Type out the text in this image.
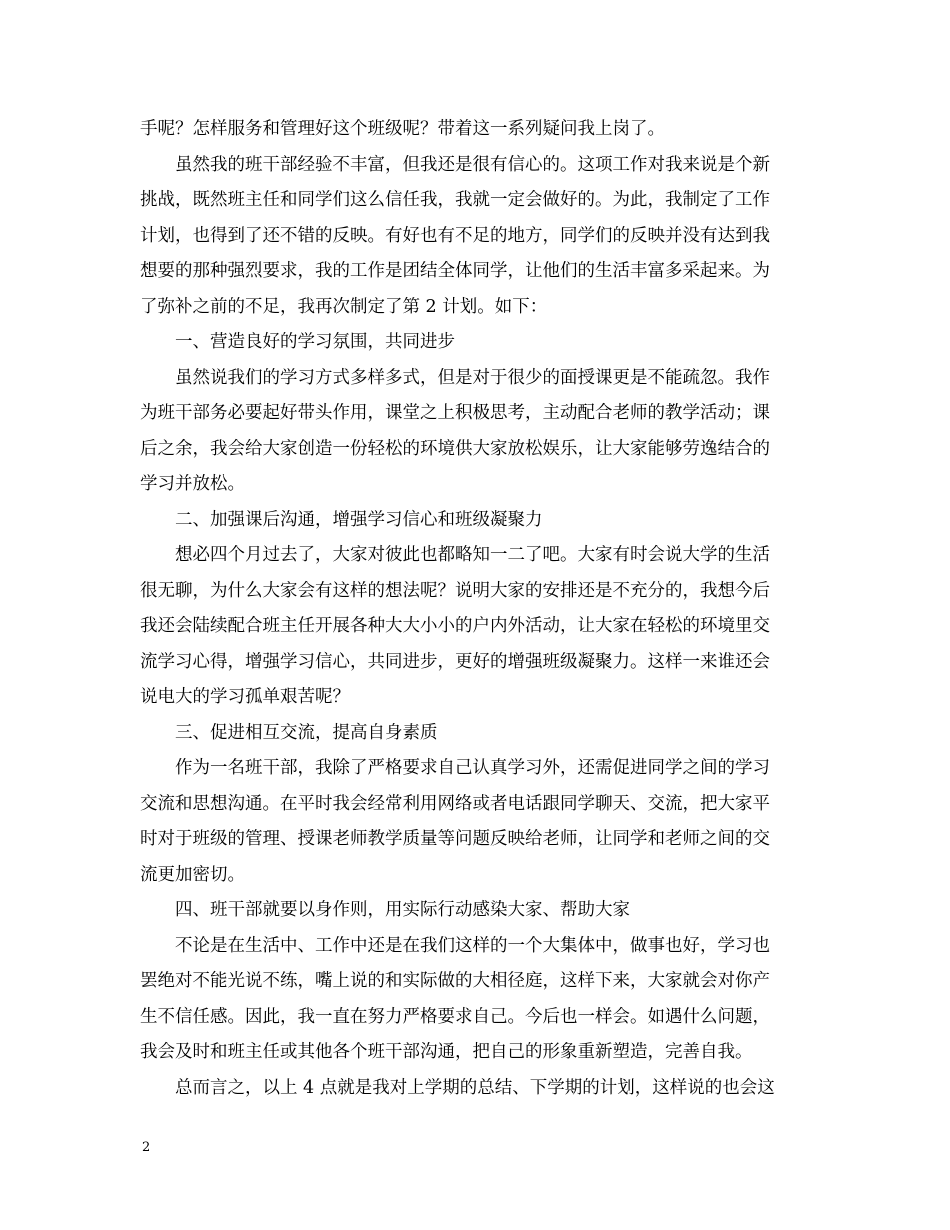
手呢？怎样服务和管理好这个班级呢？带着这一系列疑问我上岗了。
虽然我的班干部经验不丰富，但我还是很有信心的。这项工作对我来说是个新
挑战，既然班主任和同学们这么信任我，我就一定会做好的。为此，我制定了工作
计划，也得到了还不错的反映。有好也有不足的地方，同学们的反映并没有达到我
想要的那种强烈要求，我的工作是团结全体同学，让他们的生活丰富多采起来。为
了弥补之前的不足，我再次制定了第 2 计划。如下：
一、营造良好的学习氛围，共同进步
虽然说我们的学习方式多样多式，但是对于很少的面授课更是不能疏忽。我作
为班干部务必要起好带头作用，课堂之上积极思考，主动配合老师的教学活动；课
后之余，我会给大家创造一份轻松的环境供大家放松娱乐，让大家能够劳逸结合的
学习并放松。
二、加强课后沟通，增强学习信心和班级凝聚力
想必四个月过去了，大家对彼此也都略知一二了吧。大家有时会说大学的生活
很无聊，为什么大家会有这样的想法呢？说明大家的安排还是不充分的，我想今后
我还会陆续配合班主任开展各种大大小小的户内外活动，让大家在轻松的环境里交
流学习心得，增强学习信心，共同进步，更好的增强班级凝聚力。这样一来谁还会
说电大的学习孤单艰苦呢？
三、促进相互交流，提高自身素质
作为一名班干部，我除了严格要求自己认真学习外，还需促进同学之间的学习
交流和思想沟通。在平时我会经常利用网络或者电话跟同学聊天、交流，把大家平
时对于班级的管理、授课老师教学质量等问题反映给老师，让同学和老师之间的交
流更加密切。
四、班干部就要以身作则，用实际行动感染大家、帮助大家
不论是在生活中、工作中还是在我们这样的一个大集体中，做事也好，学习也
罢绝对不能光说不练，嘴上说的和实际做的大相径庭，这样下来，大家就会对你产
生不信任感。因此，我一直在努力严格要求自己。今后也一样会。如遇什么问题，
我会及时和班主任或其他各个班干部沟通，把自己的形象重新塑造，完善自我。
总而言之，以上 4 点就是我对上学期的总结、下学期的计划，这样说的也会这
2
